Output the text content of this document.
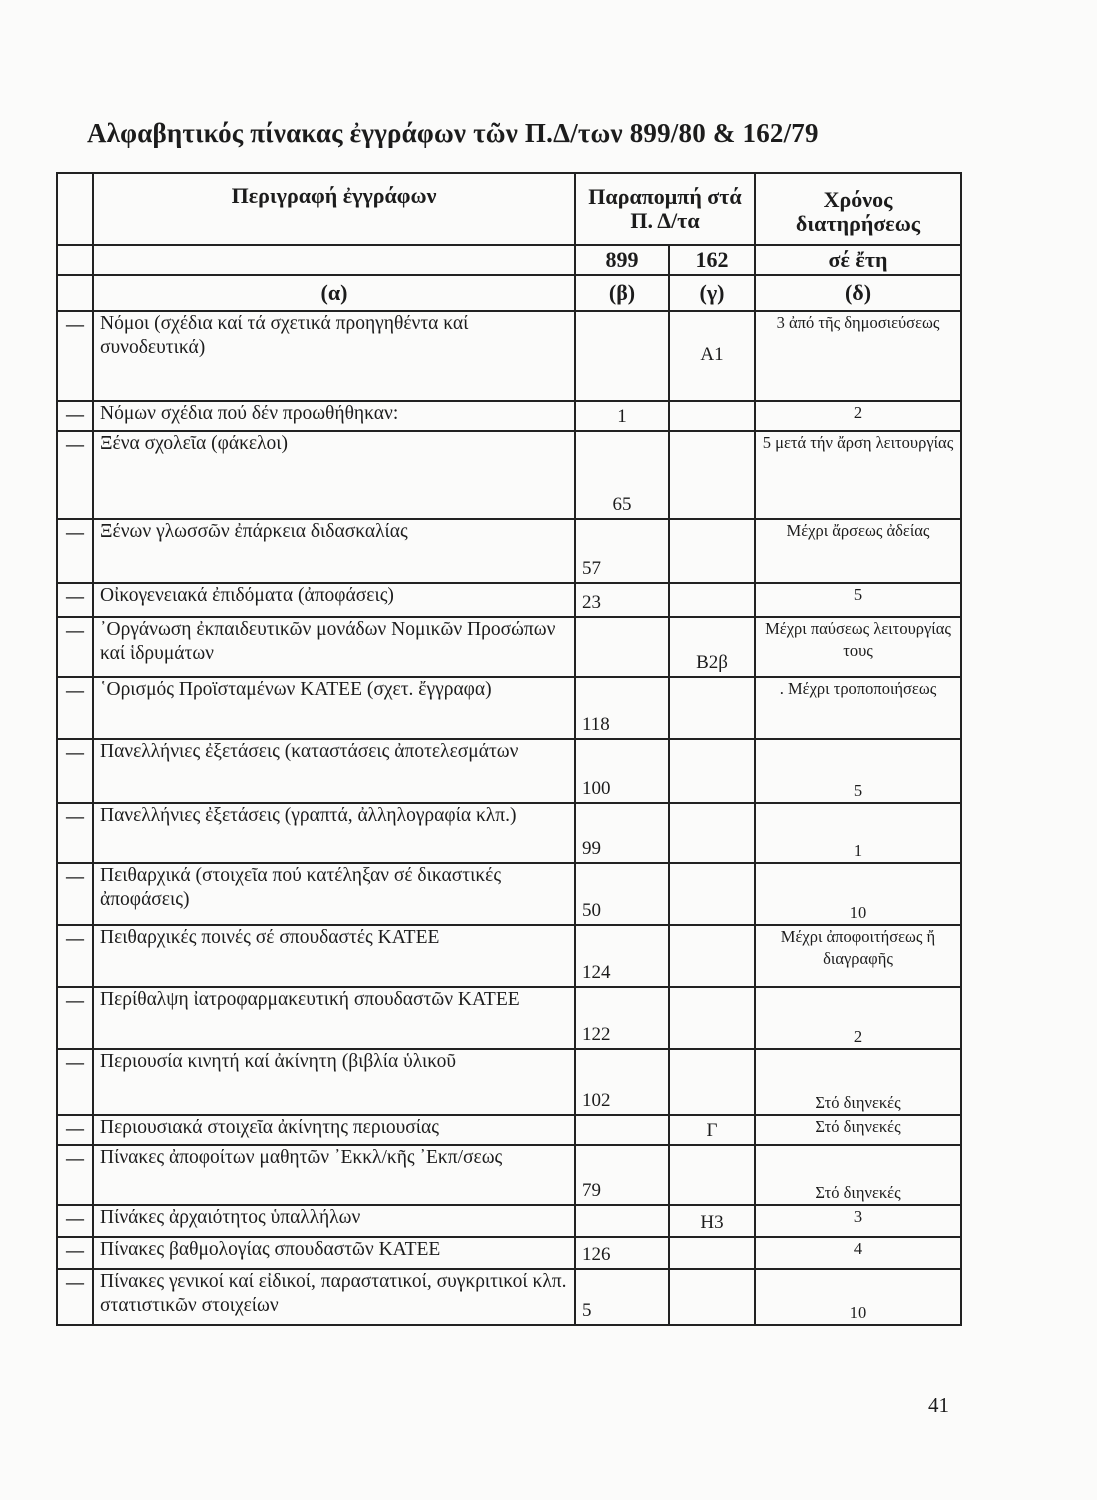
Αλφαβητικός πίνακας ἐγγράφων τῶν Π.Δ/των 899/80 & 162/79
	Περιγραφή ἐγγράφων	Παραπομπή στά Π. Δ/τα		Χρόνος διατηρήσεως
		899	162	σέ ἔτη
	(α)	(β)	(γ)	(δ)
—	Νόμοι (σχέδια καί τά σχετικά προηγηθέντα καί συνοδευτικά)		A1	3 ἀπό τῆς δημοσιεύσεως
—	Νόμων σχέδια πού δέν προωθήθηκαν:	1		2
—	Ξένα σχολεῖα (φάκελοι)	65		5 μετά τήν ἄρση λειτουργίας
—	Ξένων γλωσσῶν ἐπάρκεια διδασκαλίας	57		Μέχρι ἄρσεως ἀδείας
—	Οἰκογενειακά ἐπιδόματα (ἀποφάσεις)	23		5
—	᾿Οργάνωση ἐκπαιδευτικῶν μονάδων Νομικῶν Προσώπων καί ἱδρυμάτων		B2β	Μέχρι παύσεως λειτουργίας τους
—	῾Ορισμός Προϊσταμένων ΚΑΤΕΕ (σχετ. ἔγγραφα)	118		. Μέχρι τροποποιήσεως
—	Πανελλήνιες ἐξετάσεις (καταστάσεις ἀποτελεσμάτων	100		5
—	Πανελλήνιες ἐξετάσεις (γραπτά, ἀλληλογραφία κλπ.)	99		1
—	Πειθαρχικά (στοιχεῖα πού κατέληξαν σέ δικαστικές ἀποφάσεις)	50		10
—	Πειθαρχικές ποινές σέ σπουδαστές ΚΑΤΕΕ	124		Μέχρι ἀποφοιτήσεως ἤ διαγραφῆς
—	Περίθαλψη ἰατροφαρμακευτική σπουδαστῶν ΚΑΤΕΕ	122		2
—	Περιουσία κινητή καί ἀκίνητη (βιβλία ὑλικοῦ	102		Στό διηνεκές
—	Περιουσιακά στοιχεῖα ἀκίνητης περιουσίας		Γ	Στό διηνεκές
—	Πίνακες ἀποφοίτων μαθητῶν ᾿Εκκλ/κῆς ᾿Εκπ/σεως	79		Στό διηνεκές
—	Πίνάκες ἀρχαιότητος ὑπαλλήλων		H3	3
—	Πίνακες βαθμολογίας σπουδαστῶν ΚΑΤΕΕ	126		4
—	Πίνακες γενικοί καί εἰδικοί, παραστατικοί, συγκριτικοί κλπ. στατιστικῶν στοιχείων	5		10
41
